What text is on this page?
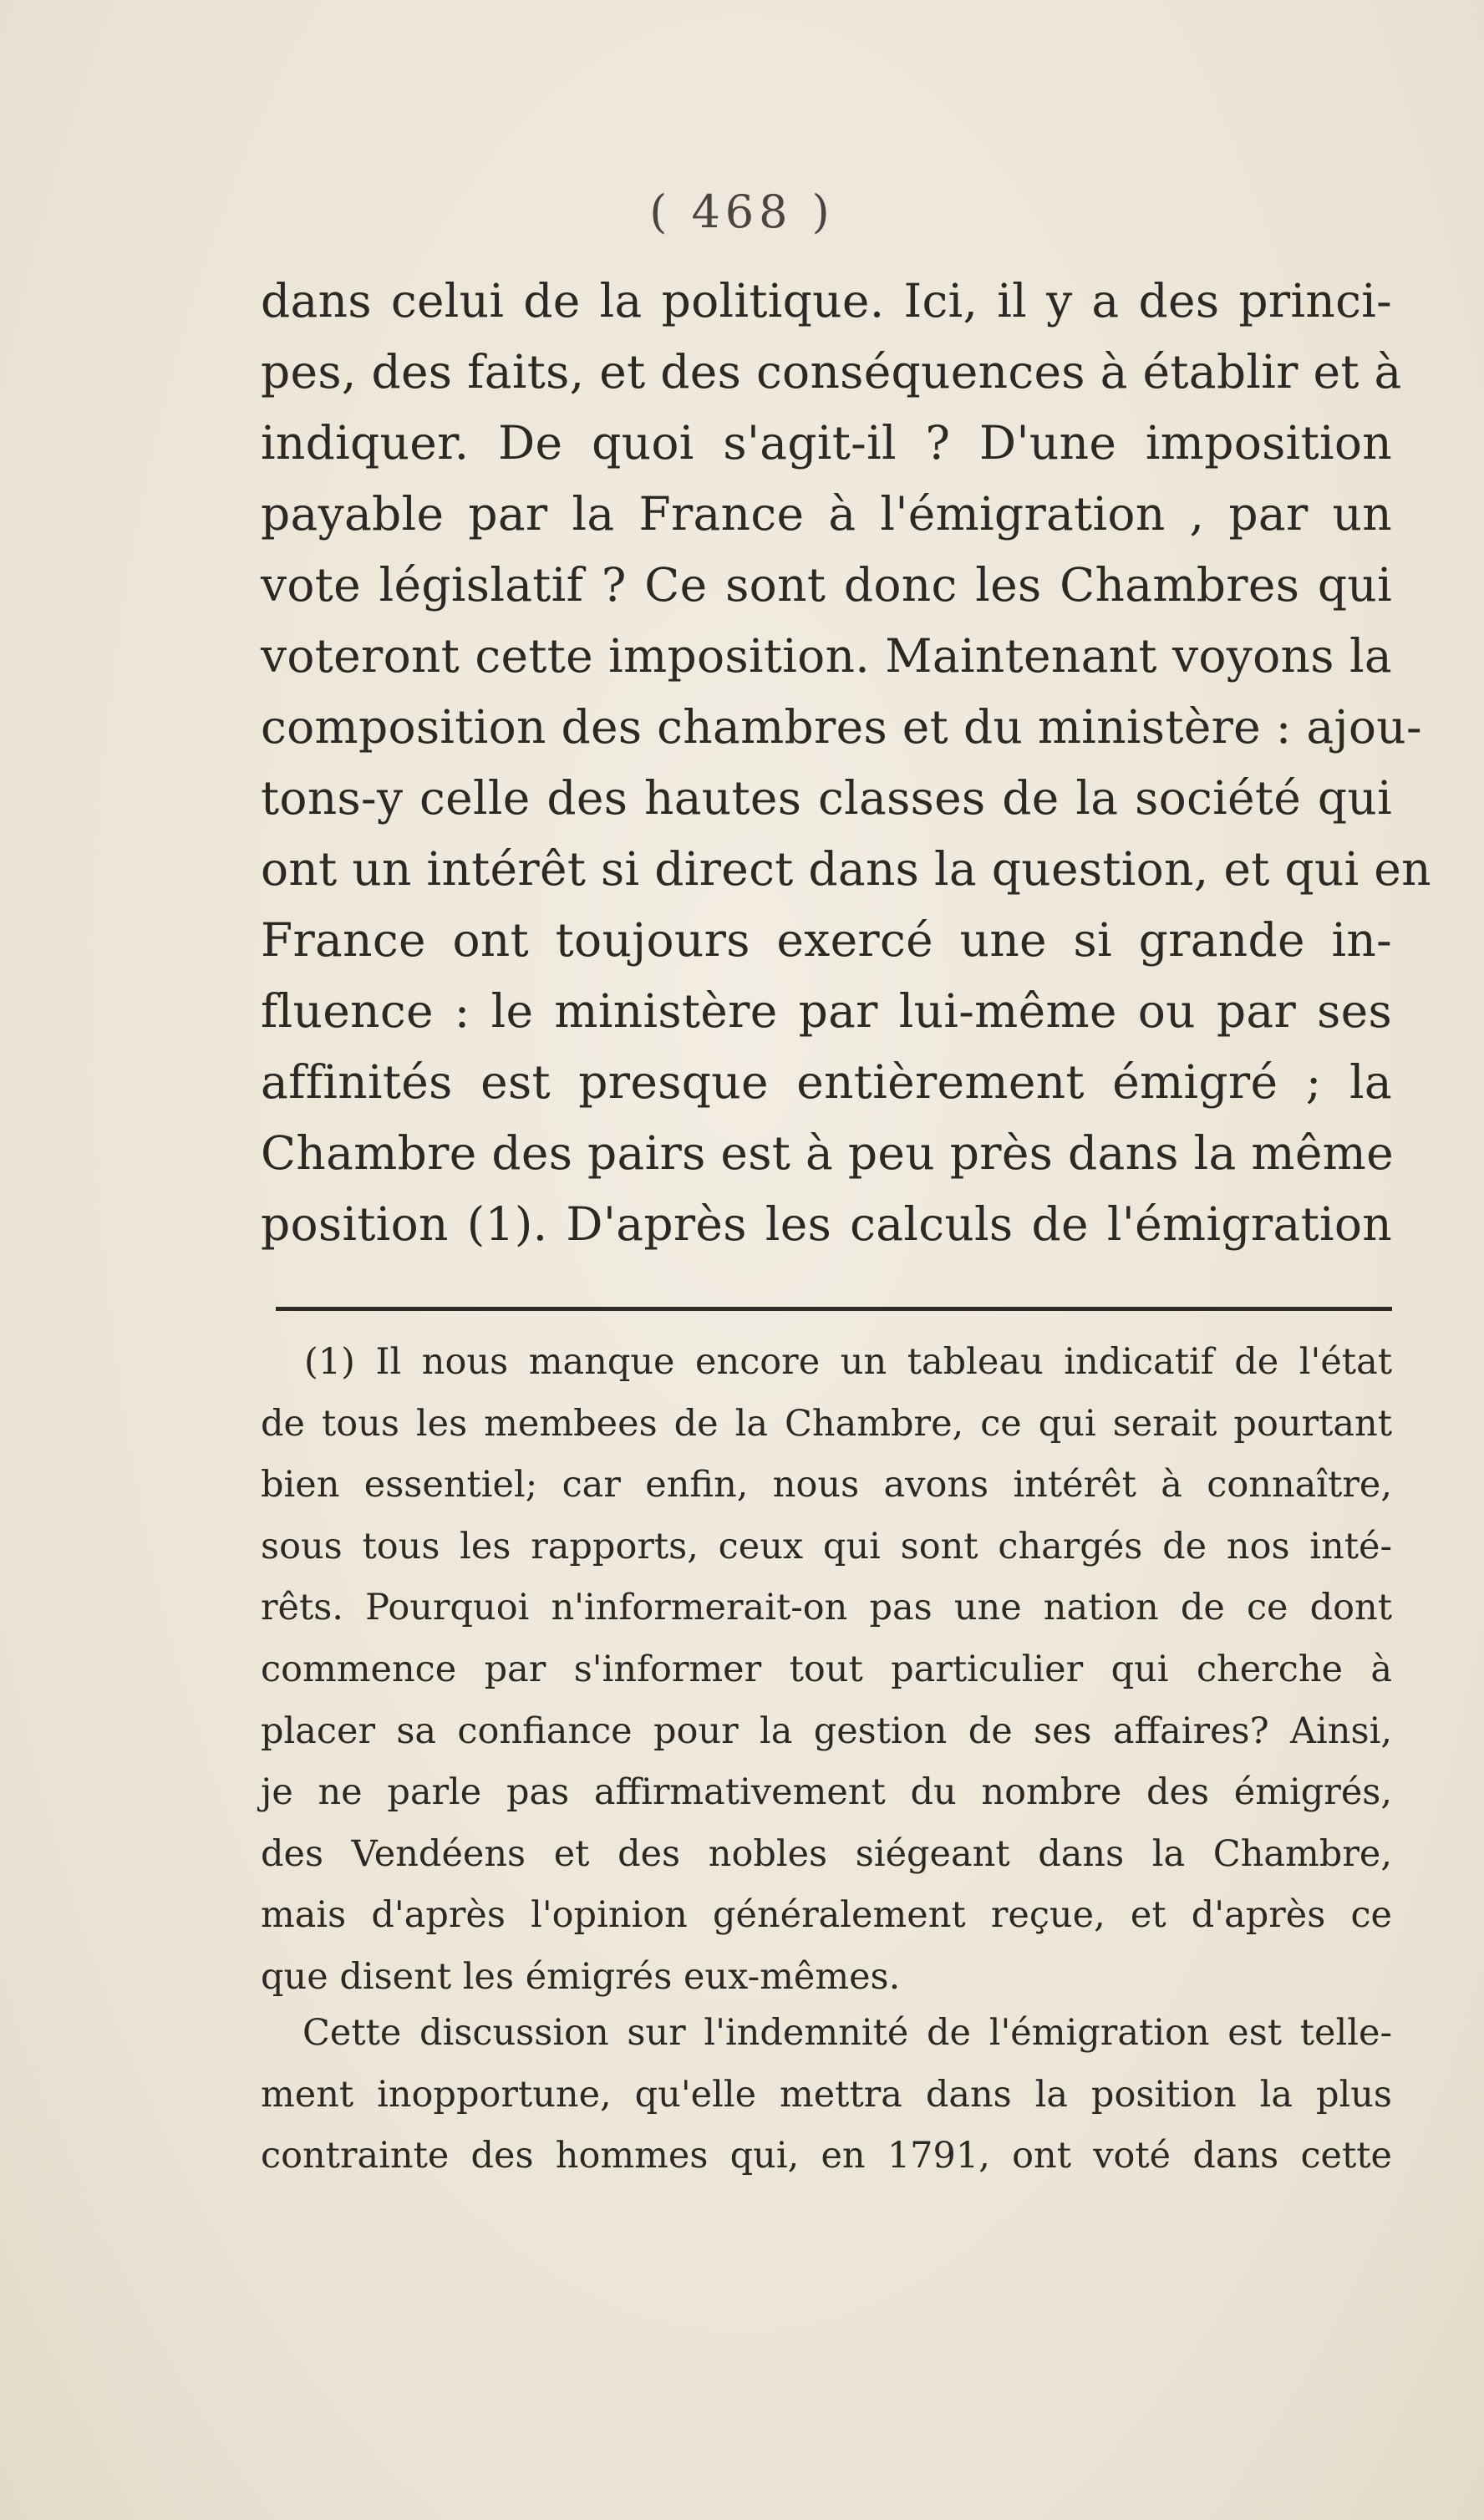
( 468 )
dans celui de la politique. Ici, il y a des princi-
pes, des faits, et des conséquences à établir et à
indiquer. De quoi s'agit-il ? D'une imposition
payable par la France à l'émigration , par un
vote législatif ? Ce sont donc les Chambres qui
voteront cette imposition. Maintenant voyons la
composition des chambres et du ministère : ajou-
tons-y celle des hautes classes de la société qui
ont un intérêt si direct dans la question, et qui en
France ont toujours exercé une si grande in-
fluence : le ministère par lui-même ou par ses
affinités est presque entièrement émigré ; la
Chambre des pairs est à peu près dans la même
position (1). D'après les calculs de l'émigration
(1) Il nous manque encore un tableau indicatif de l'état
de tous les membees de la Chambre, ce qui serait pourtant
bien essentiel; car enfin, nous avons intérêt à connaître,
sous tous les rapports, ceux qui sont chargés de nos inté-
rêts. Pourquoi n'informerait-on pas une nation de ce dont
commence par s'informer tout particulier qui cherche à
placer sa confiance pour la gestion de ses affaires? Ainsi,
je ne parle pas affirmativement du nombre des émigrés,
des Vendéens et des nobles siégeant dans la Chambre,
mais d'après l'opinion généralement reçue, et d'après ce
que disent les émigrés eux-mêmes.
Cette discussion sur l'indemnité de l'émigration est telle-
ment inopportune, qu'elle mettra dans la position la plus
contrainte des hommes qui, en 1791, ont voté dans cette
